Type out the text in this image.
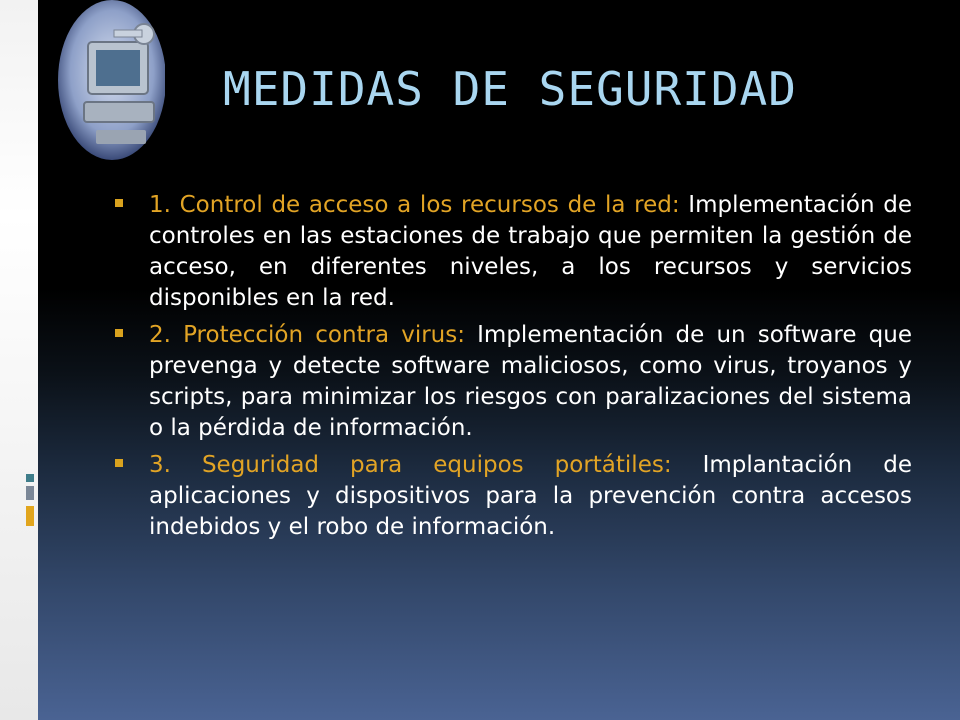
MEDIDAS DE SEGURIDAD
1. Control de acceso a los recursos de la red: Implementación de controles en las estaciones de trabajo que permiten la gestión de acceso, en diferentes niveles, a los recursos y servicios disponibles en la red.
2. Protección contra virus: Implementación de un software que prevenga y detecte software maliciosos, como virus, troyanos y scripts, para minimizar los riesgos con paralizaciones del sistema o la pérdida de información.
3. Seguridad para equipos portátiles: Implantación de aplicaciones y dispositivos para la prevención contra accesos indebidos y el robo de información.
